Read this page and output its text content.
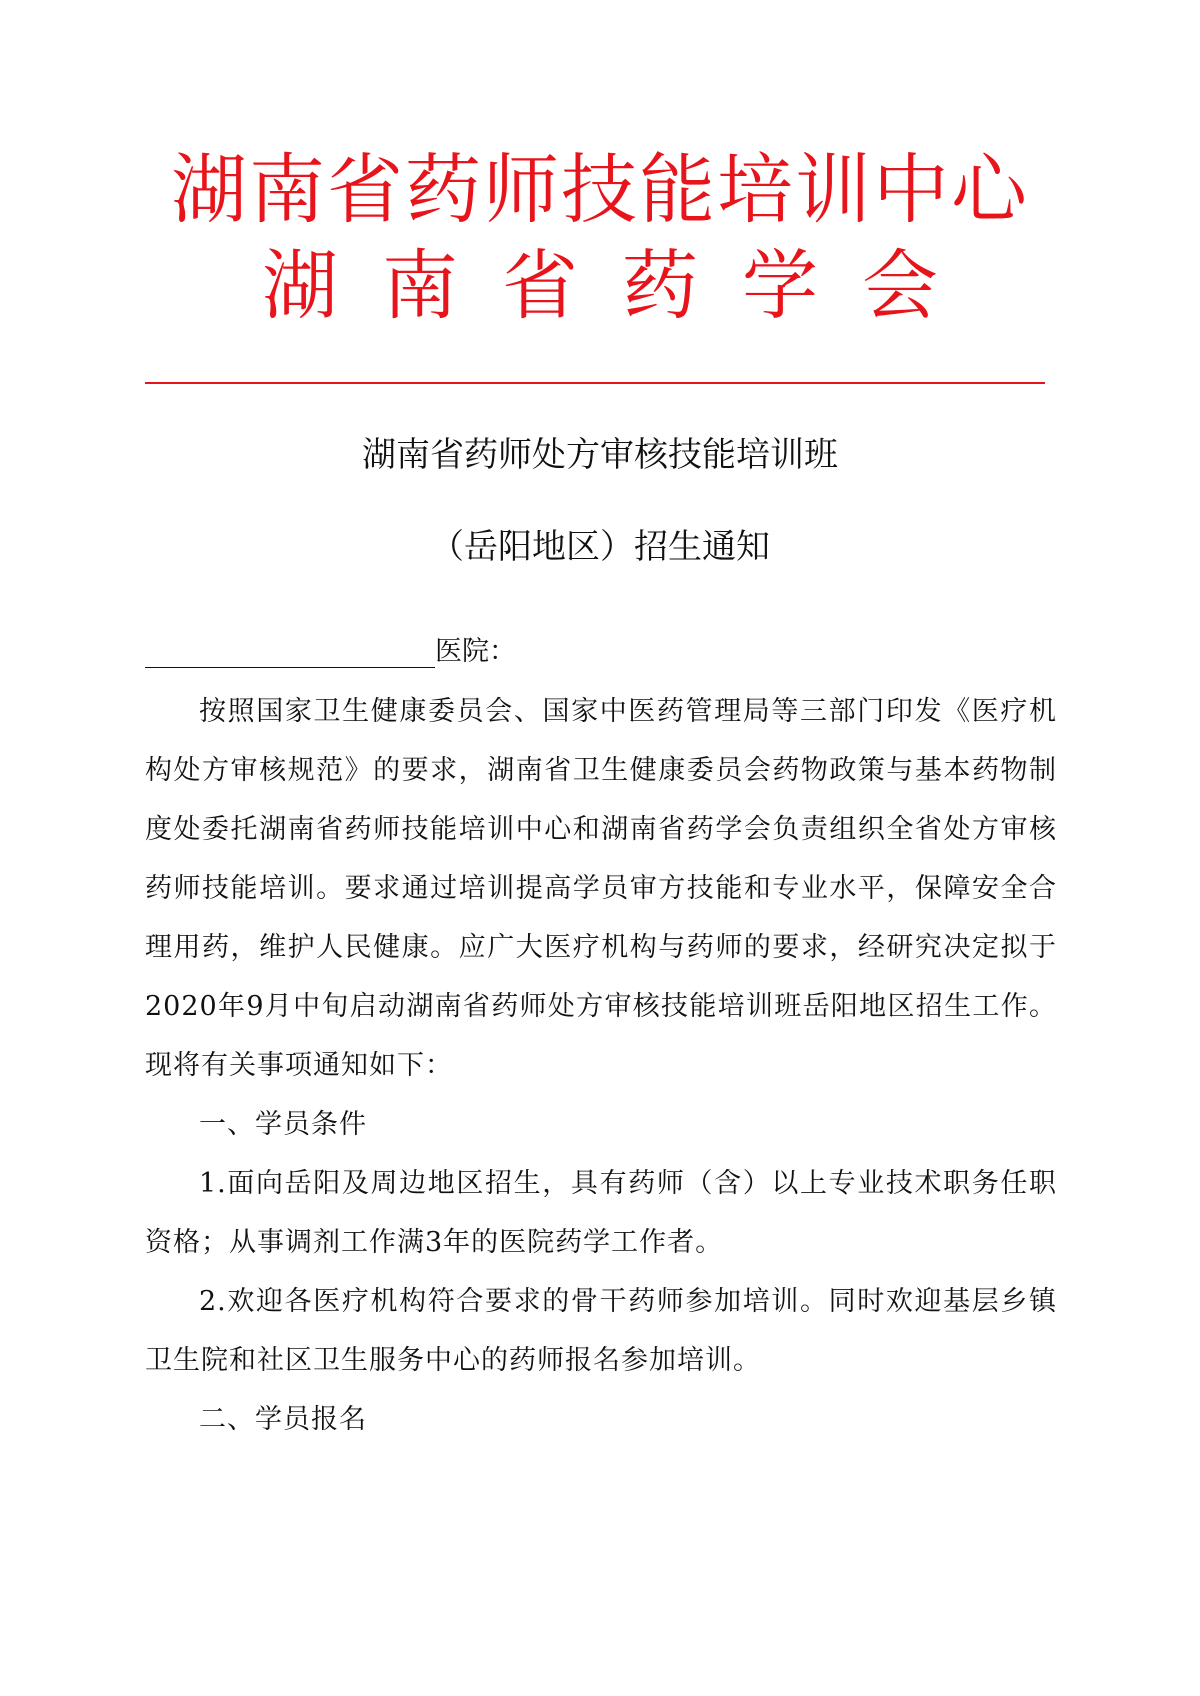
湖南省药师技能培训中心
湖南省药学会
湖南省药师处方审核技能培训班
（岳阳地区）招生通知
医院：

按照国家卫生健康委员会、国家中医药管理局等三部门印发《医疗机构处方审核规范》的要求，湖南省卫生健康委员会药物政策与基本药物制度处委托湖南省药师技能培训中心和湖南省药学会负责组织全省处方审核药师技能培训。要求通过培训提高学员审方技能和专业水平，保障安全合理用药，维护人民健康。应广大医疗机构与药师的要求，经研究决定拟于2020年9月中旬启动湖南省药师处方审核技能培训班岳阳地区招生工作。现将有关事项通知如下：

一、学员条件

1.面向岳阳及周边地区招生，具有药师（含）以上专业技术职务任职资格；从事调剂工作满3年的医院药学工作者。

2.欢迎各医疗机构符合要求的骨干药师参加培训。同时欢迎基层乡镇卫生院和社区卫生服务中心的药师报名参加培训。

二、学员报名
